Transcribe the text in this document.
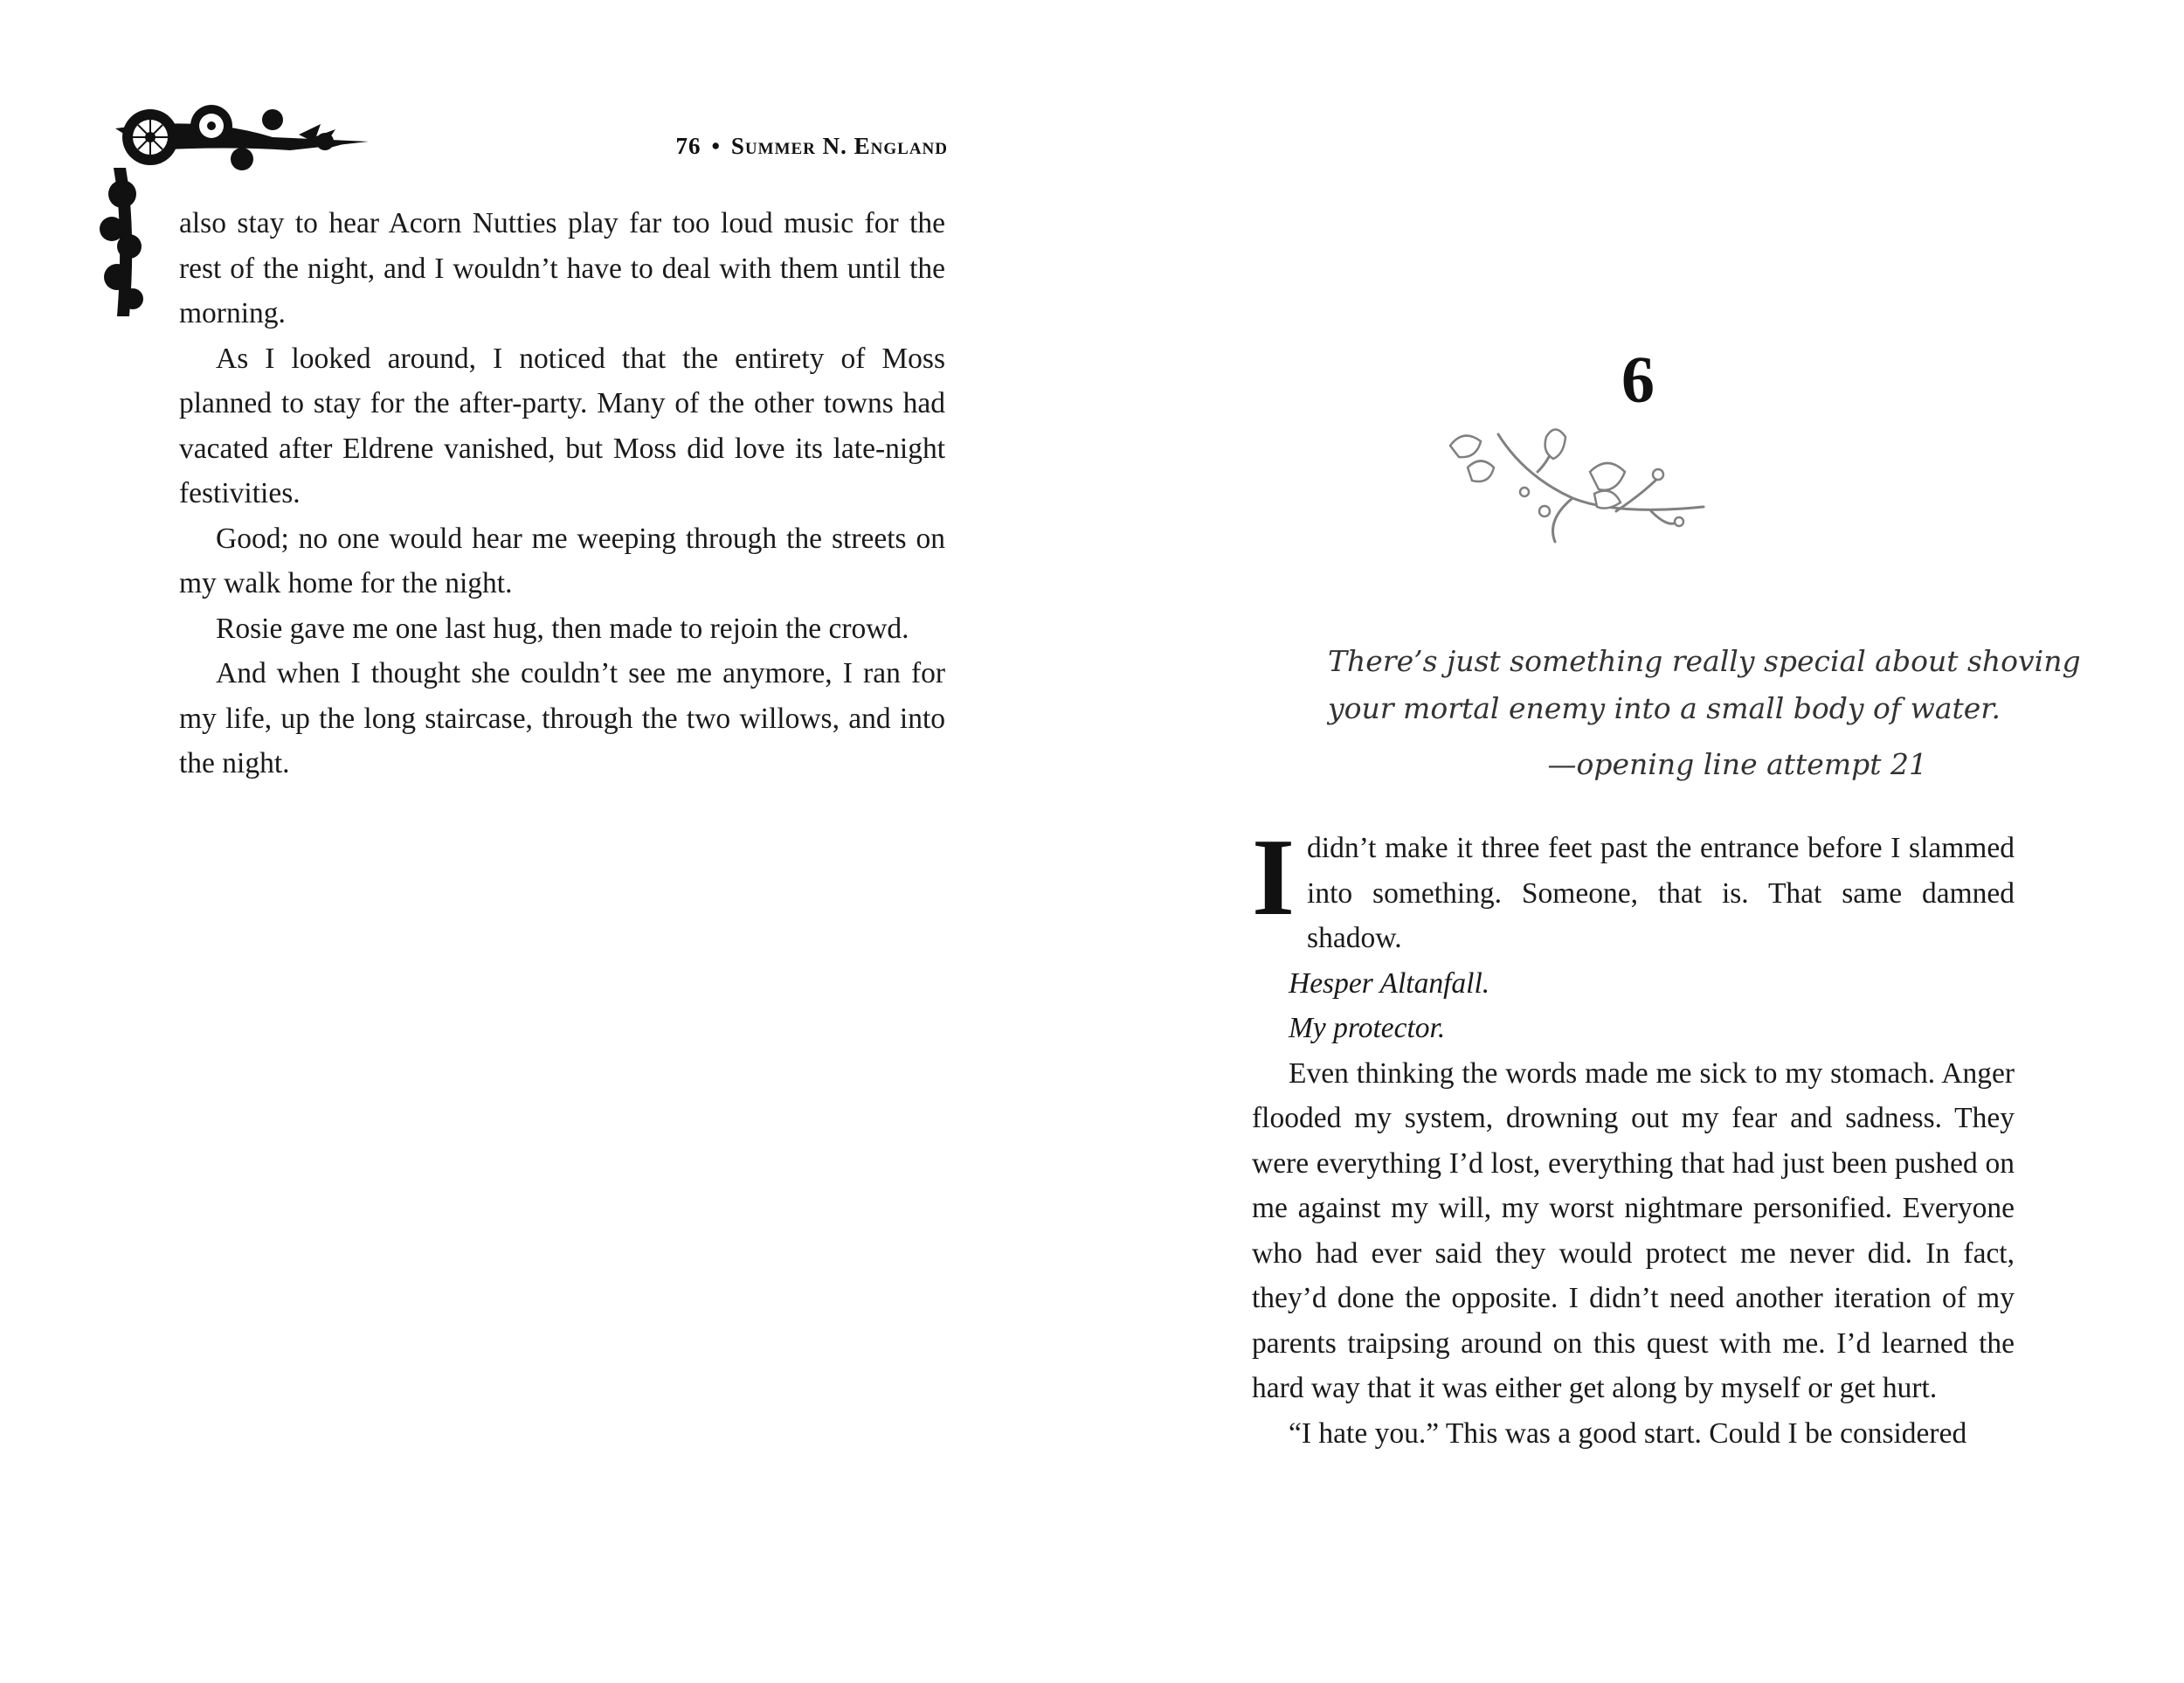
76 • Summer N. England

also stay to hear Acorn Nutties play far too loud music for the rest of the night, and I wouldn’t have to deal with them until the morning.

As I looked around, I noticed that the entirety of Moss planned to stay for the after-party. Many of the other towns had vacated after Eldrene vanished, but Moss did love its late-night festivities.

Good; no one would hear me weeping through the streets on my walk home for the night.

Rosie gave me one last hug, then made to rejoin the crowd.

And when I thought she couldn’t see me anymore, I ran for my life, up the long staircase, through the two willows, and into the night.

6
There’s just something really special about shoving
your mortal enemy into a small body of water.
—opening line attempt 21

Ididn’t make it three feet past the entrance before I slammed into something. Someone, that is. That same damned shadow.

Hesper Altanfall.

My protector.

Even thinking the words made me sick to my stomach. Anger flooded my system, drowning out my fear and sadness. They were everything I’d lost, everything that had just been pushed on me against my will, my worst nightmare personified. Everyone who had ever said they would protect me never did. In fact, they’d done the opposite. I didn’t need another iteration of my parents traipsing around on this quest with me. I’d learned the hard way that it was either get along by myself or get hurt.

“I hate you.” This was a good start. Could I be considered
